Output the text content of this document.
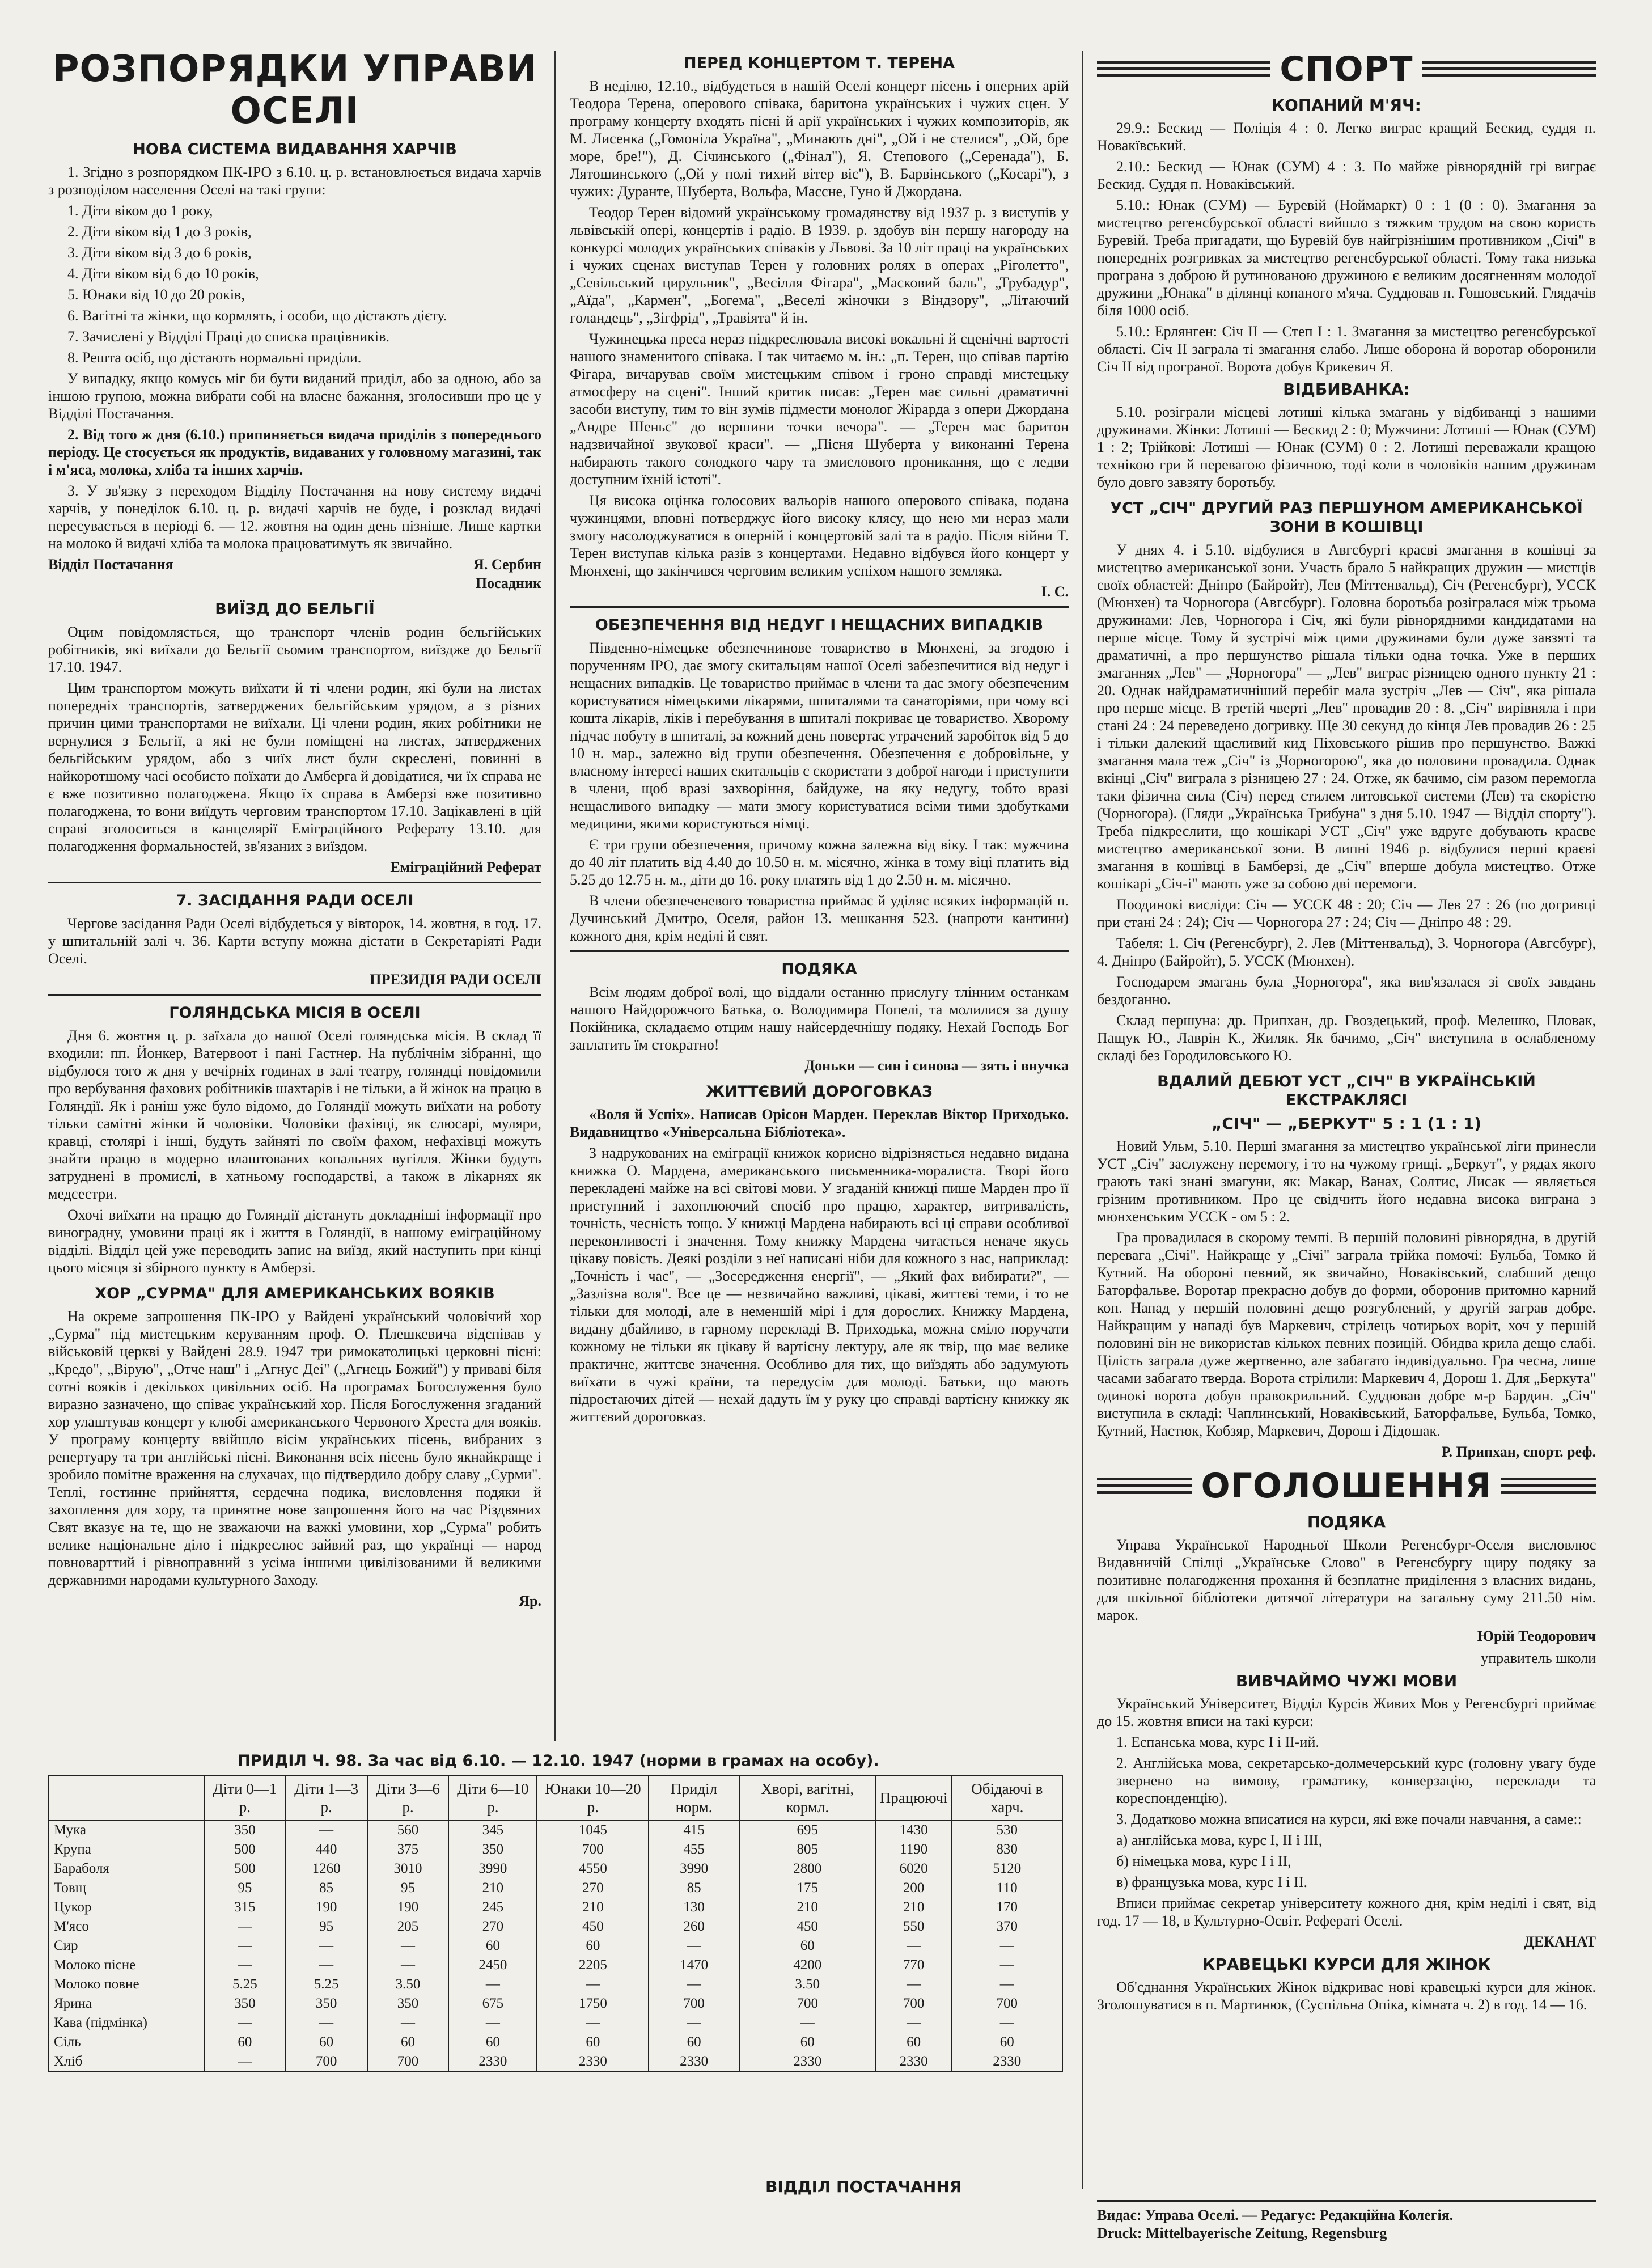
РОЗПОРЯДКИ УПРАВИ ОСЕЛІ
НОВА СИСТЕМА ВИДАВАННЯ ХАРЧІВ

1. Згідно з розпорядком ПК-ІРО з 6.10. ц. р. встановлюється видача харчів з розподілом населення Оселі на такі групи:

1. Діти віком до 1 року,

2. Діти віком від 1 до 3 років,

3. Діти віком від 3 до 6 років,

4. Діти віком від 6 до 10 років,

5. Юнаки від 10 до 20 років,

6. Вагітні та жінки, що кормлять, і особи, що дістають дієту.

7. Зачислені у Відділі Праці до списка працівників.

8. Решта осіб, що дістають нормальні приділи.

У випадку, якщо комусь міг би бути виданий приділ, або за одною, або за іншою групою, можна вибрати собі на власне бажання, зголосивши про це у Відділі Постачання.

2. Від того ж дня (6.10.) припиняється видача приділів з попереднього періоду. Це стосується як продуктів, видаваних у головному магазині, так і м'яса, молока, хліба та інших харчів.

3. У зв'язку з переходом Відділу Постачання на нову систему видачі харчів, у понеділок 6.10. ц. р. видачі харчів не буде, і розклад видачі пересувається в періоді 6. — 12. жовтня на один день пізніше. Лише картки на молоко й видачі хліба та молока працюватимуть як звичайно.

Відділ Постачання	Я. Сербин
Посадник
ВИЇЗД ДО БЕЛЬГІЇ

Оцим повідомляється, що транспорт членів родин бельгійських робітників, які виїхали до Бельгії сьомим транспортом, виїздже до Бельгії 17.10. 1947.

Цим транспортом можуть виїхати й ті члени родин, які були на листах попередніх транспортів, затверджених бельгійським урядом, а з різних причин цими транспортами не виїхали. Ці члени родин, яких робітники не вернулися з Бельгії, а які не були поміщені на листах, затверджених бельгійським урядом, або з чиїх лист були скреслені, повинні в найкоротшому часі особисто поїхати до Амберга й довідатися, чи їх справа не є вже позитивно полагоджена. Якщо їх справа в Амберзі вже позитивно полагоджена, то вони виїдуть черговим транспортом 17.10. Зацікавлені в цій справі зголоситься в канцелярії Еміграційного Реферату 13.10. для полагодження формальностей, зв'язаних з виїздом.

Еміграційний Реферат
7. ЗАСІДАННЯ РАДИ ОСЕЛІ

Чергове засідання Ради Оселі відбудеться у вівторок, 14. жовтня, в год. 17. у шпитальній залі ч. 36. Карти вступу можна дістати в Секретаріяті Ради Оселі.

ПРЕЗИДІЯ РАДИ ОСЕЛІ
ГОЛЯНДСЬКА МІСІЯ В ОСЕЛІ

Дня 6. жовтня ц. р. заїхала до нашої Оселі голяндська місія. В склад її входили: пп. Йонкер, Ватервоот і пані Гастнер. На публічнім зібранні, що відбулося того ж дня у вечірніх годинах в залі театру, голяндці повідомили про вербування фахових робітників шахтарів і не тільки, а й жінок на працю в Голяндії. Як і раніш уже було відомо, до Голяндії можуть виїхати на роботу тільки самітні жінки й чоловіки. Чоловіки фахівці, як слюсарі, муляри, кравці, столярі і інші, будуть зайняті по своїм фахом, нефахівці можуть знайти працю в модерно влаштованих копальнях вугілля. Жінки будуть затруднені в промислі, в хатньому господарстві, а також в лікарнях як медсестри.

Охочі виїхати на працю до Голяндії дістануть докладніші інформації про виноградну, умовини праці як і життя в Голяндії, в нашому еміграційному відділі. Відділ цей уже переводить запис на виїзд, який наступить при кінці цього місяця зі збірного пункту в Амберзі.

ХОР „СУРМА" ДЛЯ АМЕРИКАНСЬКИХ ВОЯКІВ

На окреме запрошення ПК-ІРО у Вайдені український чоловічий хор „Сурма" під мистецьким керуванням проф. О. Плешкевича відспівав у військовій церкві у Вайдені 28.9. 1947 три римокатолицькі церковні пісні: „Кредо", „Вірую", „Отче наш" і „Агнус Деі" („Агнець Божий") у приваві біля сотні вояків і декількох цивільних осіб. На програмах Богослуження було виразно зазначено, що співає український хор. Після Богослуження згаданий хор улаштував концерт у клюбі американського Червоного Хреста для вояків. У програму концерту ввійшло вісім українських пісень, вибраних з репертуару та три англійські пісні. Виконання всіх пісень було якнайкраще і зробило помітне враження на слухачах, що підтвердило добру славу „Сурми". Теплі, гостинне прийняття, сердечна подика, висловлення подяки й захоплення для хору, та принятне нове запрошення його на час Різдвяних Свят вказує на те, що не зважаючи на важкі умовини, хор „Сурма" робить велике національне діло і підкреслює зайвий раз, що українці — народ повноварттий і рівноправний з усіма іншими цивілізованими й великими державними народами культурного Заходу.

Яр.
ПЕРЕД КОНЦЕРТОМ Т. ТЕРЕНА

В неділю, 12.10., відбудеться в нашій Оселі концерт пісень і оперних арій Теодора Терена, оперового співака, баритона українських і чужих сцен. У програму концерту входять пісні й арії українських і чужих композиторів, як М. Лисенка („Гомоніла Україна", „Минають дні", „Ой і не стелися", „Ой, бре море, бре!"), Д. Січинського („Фінал"), Я. Степового („Серенада"), Б. Лятошинського („Ой у полі тихий вітер віє"), В. Барвінського („Косарі"), з чужих: Дуранте, Шуберта, Вольфа, Массне, Гуно й Джордана.

Теодор Терен відомий українському громадянству від 1937 р. з виступів у львівській опері, концертів і радіо. В 1939. р. здобув він першу нагороду на конкурсі молодих українських співаків у Львові. За 10 літ праці на українських і чужих сценах виступав Терен у головних ролях в операх „Ріголетто", „Севільський цирульник", „Весілля Фігара", „Масковий баль", „Трубадур", „Аїда", „Кармен", „Богема", „Веселі жіночки з Віндзору", „Літаючий голандець", „Зігфрід", „Травіята" й ін.

Чужинецька преса нераз підкреслювала високі вокальні й сценічні вартості нашого знаменитого співака. І так читаємо м. ін.: „п. Терен, що співав партію Фігара, вичарував своїм мистецьким співом і гроно справді мистецьку атмосферу на сцені". Інший критик писав: „Терен має сильні драматичні засоби виступу, тим то він зумів підмести монолог Жірарда з опери Джордана „Андре Шеньє" до вершини точки вечора". — „Терен має баритон надзвичайної звукової краси". — „Пісня Шуберта у виконанні Терена набирають такого солодкого чару та змислового проникання, що є ледви доступним їхній істоті".

Ця висока оцінка голосових вальорів нашого оперового співака, подана чужинцями, вповні потверджує його високу клясу, що нею ми нераз мали змогу насолоджуватися в оперній і концертовій залі та в радіо. Після війни Т. Терен виступав кілька разів з концертами. Недавно відбувся його концерт у Мюнхені, що закінчився черговим великим успіхом нашого земляка.

І. С.
ОБЕЗПЕЧЕННЯ ВІД НЕДУГ І НЕЩАСНИХ ВИПАДКІВ

Південно-німецьке обезпечнинове товариство в Мюнхені, за згодою і порученням ІРО, дає змогу скитальцям нашої Оселі забезпечитися від недуг і нещасних випадків. Це товариство приймає в члени та дає змогу обезпеченим користуватися німецькими лікарями, шпиталями та санаторіями, при чому всі кошта лікарів, ліків і перебування в шпиталі покриває це товариство. Хворому підчас побуту в шпиталі, за кожний день повертає утрачений заробіток від 5 до 10 н. мар., залежно від групи обезпечення. Обезпечення є добровільне, у власному інтересі наших скитальців є скористати з доброї нагоди і приступити в члени, щоб вразі захворіння, байдуже, на яку недугу, тобто вразі нещасливого випадку — мати змогу користуватися всіми тими здобутками медицини, якими користуються німці.

Є три групи обезпечення, причому кожна залежна від віку. І так: мужчина до 40 літ платить від 4.40 до 10.50 н. м. місячно, жінка в тому віці платить від 5.25 до 12.75 н. м., діти до 16. року платять від 1 до 2.50 н. м. місячно.

В члени обезпеченевого товариства приймає й уділяє всяких інформацій п. Дучинський Дмитро, Оселя, район 13. мешкання 523. (напроти кантини) кожного дня, крім неділі й свят.

ПОДЯКА

Всім людям доброї волі, що віддали останню прислугу тлінним останкам нашого Найдорожчого Батька, о. Володимира Попелі, та молилися за душу Покійника, складаємо отцим нашу найсердечнішу подяку. Нехай Господь Бог заплатить їм стократно!

Доньки — син і синова — зять і внучка
ЖИТТЄВИЙ ДОРОГОВКАЗ

«Воля й Успіх». Написав Орісон Марден. Переклав Віктор Приходько. Видавництво «Універсальна Бібліотека».

З надрукованих на еміграції книжок корисно відрізняється недавно видана книжка О. Мардена, американського письменника-моралиста. Творі його перекладені майже на всі світові мови. У згаданій книжці пише Марден про її приступний і захоплюючий спосіб про працю, характер, витривалість, точність, чесність тощо. У книжці Мардена набирають всі ці справи особливої переконливості і значення. Тому книжку Мардена читається неначе якусь цікаву повість. Деякі розділи з неї написані ніби для кожного з нас, наприклад: „Точність і час", — „Зосередження енергії", — „Який фах вибирати?", — „Зазлізна воля". Все це — незвичайно важливі, цікаві, життєві теми, і то не тільки для молоді, але в неменшій мірі і для дорослих. Книжку Мардена, видану дбайливо, в гарному перекладі В. Приходька, можна сміло поручати кожному не тільки як цікаву й вартісну лектуру, але як твір, що має велике практичне, життєве значення. Особливо для тих, що виїздять або задумують виїхати в чужі країни, та передусім для молоді. Батьки, що мають підростаючих дітей — нехай дадуть їм у руку цю справді вартісну книжку як життєвий дороговказ.

СПОРТ
КОПАНИЙ М'ЯЧ:

29.9.: Бескид — Поліція 4 : 0. Легко виграє кращий Бескид, суддя п. Новакївський.

2.10.: Бескид — Юнак (СУМ) 4 : 3. По майже рівнорядній грі виграє Бескид. Суддя п. Новаківський.

5.10.: Юнак (СУМ) — Буревій (Ноймаркт) 0 : 1 (0 : 0). Змагання за мистецтво регенсбурської області вийшло з тяжким трудом на свою користь Буревій. Треба пригадати, що Буревій був найгрізнішим противником „Січі" в попередніх розгривках за мистецтво регенсбурської області. Тому така низька програна з доброю й рутинованою дружиною є великим досягненням молодої дружини „Юнака" в ділянці копаного м'яча. Суддював п. Гошовський. Глядачів біля 1000 осіб.

5.10.: Ерлянген: Січ II — Степ I : 1. Змагання за мистецтво регенсбурської області. Січ II заграла ті змагання слабо. Лише оборона й воротар оборонили Січ II від програної. Ворота добув Крикевич Я.

ВІДБИВАНКА:

5.10. розіграли місцеві лотиші кілька змагань у відбиванці з нашими дружинами. Жінки: Лотиші — Бескид 2 : 0; Мужчини: Лотиші — Юнак (СУМ) 1 : 2; Трійкові: Лотиші — Юнак (СУМ) 0 : 2. Лотиші переважали кращою технікою гри й перевагою фізичною, тоді коли в чоловіків нашим дружинам було довго завзяту боротьбу.

УСТ „СІЧ" ДРУГИЙ РАЗ ПЕРШУНОМ АМЕРИКАНСЬКОЇ ЗОНИ В КОШІВЦІ

У днях 4. і 5.10. відбулися в Авгсбургі краєві змагання в кошівці за мистецтво американської зони. Участь брало 5 найкращих дружин — мистців своїх областей: Дніпро (Байройт), Лев (Міттенвальд), Січ (Регенсбург), УССК (Мюнхен) та Чорногора (Авгсбург). Головна боротьба розігралася між трьома дружинами: Лев, Чорногора і Січ, які були рівнорядними кандидатами на перше місце. Тому й зустрічі між цими дружинами були дуже завзяті та драматичні, а про першунство рішала тільки одна точка. Уже в перших змаганнях „Лев" — „Чорногора" — „Лев" виграє різницею одного пункту 21 : 20. Однак найдраматичніший перебіг мала зустріч „Лев — Січ", яка рішала про перше місце. В третій чверті „Лев" провадив 20 : 8. „Січ" вирівняла і при стані 24 : 24 переведено догривку. Ще 30 секунд до кінця Лев провадив 26 : 25 і тільки далекий щасливий кид Піховського рішив про першунство. Важкі змагання мала теж „Січ" із „Чорногорою", яка до половини провадила. Однак вкінці „Січ" виграла з різницею 27 : 24. Отже, як бачимо, сім разом перемогла таки фізична сила (Січ) перед стилем литовської системи (Лев) та скорістю (Чорногора). (Гляди „Українська Трибуна" з дня 5.10. 1947 — Відділ спорту"). Треба підкреслити, що кошікарі УСТ „Січ" уже вдруге добувають краєве мистецтво американської зони. В липні 1946 р. відбулися перші краєві змагання в кошівці в Бамберзі, де „Січ" вперше добула мистецтво. Отже кошікарі „Січ-і" мають уже за собою дві перемоги.

Поодинокі висліди: Січ — УССК 48 : 20; Січ — Лев 27 : 26 (по догривці при стані 24 : 24); Січ — Чорногора 27 : 24; Січ — Дніпро 48 : 29.

Табеля: 1. Січ (Регенсбург), 2. Лев (Міттенвальд), 3. Чорногора (Авгсбург), 4. Дніпро (Байройт), 5. УССК (Мюнхен).

Господарем змагань була „Чорногора", яка вив'язалася зі своїх завдань бездоганно.

Склад першуна: др. Припхан, др. Гвоздецький, проф. Мелешко, Пловак, Пащук Ю., Лаврін К., Жиляк. Як бачимо, „Січ" виступила в ослабленому складі без Городиловського Ю.

ВДАЛИЙ ДЕБЮТ УСТ „СІЧ" В УКРАЇНСЬКІЙ ЕКСТРАКЛЯСІ
„СІЧ" — „БЕРКУТ" 5 : 1 (1 : 1)

Новий Ульм, 5.10. Перші змагання за мистецтво української ліги принесли УСТ „Січ" заслужену перемогу, і то на чужому грищі. „Беркут", у рядах якого грають такі знані змагуни, як: Макар, Ванах, Солтис, Лисак — являється грізним противником. Про це свідчить його недавна висока виграна з мюнхенським УССК - ом 5 : 2.

Гра провадилася в скорому темпі. В першій половині рівнорядна, в другій перевага „Січі". Найкраще у „Січі" заграла трійка помочі: Бульба, Томко й Кутний. На обороні певний, як звичайно, Новаківський, слабший дещо Баторфальве. Воротар прекрасно добув до форми, оборонив притомно карний коп. Напад у першій половині дещо розгублений, у другій заграв добре. Найкращим у нападі був Маркевич, стрілець чотирьох воріт, хоч у першій половині він не використав кількох певних позицій. Обидва крила дещо слабі. Цілість заграла дуже жертвенно, але забагато індивідуально. Гра чесна, лише часами забагато тверда. Ворота стрілили: Маркевич 4, Дорош 1. Для „Беркута" одинокі ворота добув правокрильний. Суддював добре м-р Бардин. „Січ" виступила в складі: Чаплинський, Новаківський, Баторфальве, Бульба, Томко, Кутний, Настюк, Кобзяр, Маркевич, Дорош і Дідошак.

Р. Припхан, спорт. реф.
ОГОЛОШЕННЯ
ПОДЯКА

Управа Української Народньої Школи Регенсбург-Оселя висловлює Видавничій Спілці „Українське Слово" в Регенсбургу щиру подяку за позитивне полагодження прохання й безплатне приділення з власних видань, для шкільної бібліотеки дитячої літератури на загальну суму 211.50 нім. марок.

Юрій Теодорович
управитель школи
ВИВЧАЙМО ЧУЖІ МОВИ

Український Університет, Відділ Курсів Живих Мов у Регенсбургі приймає до 15. жовтня вписи на такі курси:

1. Еспанська мова, курс I і II-ий.

2. Англійська мова, секретарсько-долмечерський курс (головну увагу буде звернено на вимову, граматику, конверзацію, переклади та кореспонденцію).

3. Додатково можна вписатися на курси, які вже почали навчання, а саме::

а) англійська мова, курс I, II і III,

б) німецька мова, курс I і II,

в) французька мова, курс I і II.

Вписи приймає секретар університету кожного дня, крім неділі і свят, від год. 17 — 18, в Культурно-Освіт. Рефераті Оселі.

ДЕКАНАТ
КРАВЕЦЬКІ КУРСИ ДЛЯ ЖІНОК

Об'єднання Українських Жінок відкриває нові кравецькі курси для жінок. Зголошуватися в п. Мартинюк, (Суспільна Опіка, кімната ч. 2) в год. 14 — 16.

ПРИДІЛ Ч. 98. За час від 6.10. — 12.10. 1947 (норми в грамах на особу).
	Діти 0—1 р.	Діти 1—3 р.	Діти 3—6 р.	Діти 6—10 р.	Юнаки 10—20 р.	Приділ норм.	Хворі, вагітні, кормл.	Працюючі	Обідаючі в харч.
Мука	350	—	560	345	1045	415	695	1430	530
Крупа	500	440	375	350	700	455	805	1190	830
Бараболя	500	1260	3010	3990	4550	3990	2800	6020	5120
Товщ	95	85	95	210	270	85	175	200	110
Цукор	315	190	190	245	210	130	210	210	170
М'ясо	—	95	205	270	450	260	450	550	370
Сир	—	—	—	60	60	—	60	—	—
Молоко пісне	—	—	—	2450	2205	1470	4200	770	—
Молоко повне	5.25	5.25	3.50	—	—	—	3.50	—	—
Ярина	350	350	350	675	1750	700	700	700	700
Кава (підмінка)	—	—	—	—	—	—	—	—	—
Сіль	60	60	60	60	60	60	60	60	60
Хліб	—	700	700	2330	2330	2330	2330	2330	2330
ВІДДІЛ ПОСТАЧАННЯ
Видає: Управа Оселі. — Редагує: Редакційна Колегія.
Druck: Mittelbayerische Zeitung, Regensburg
